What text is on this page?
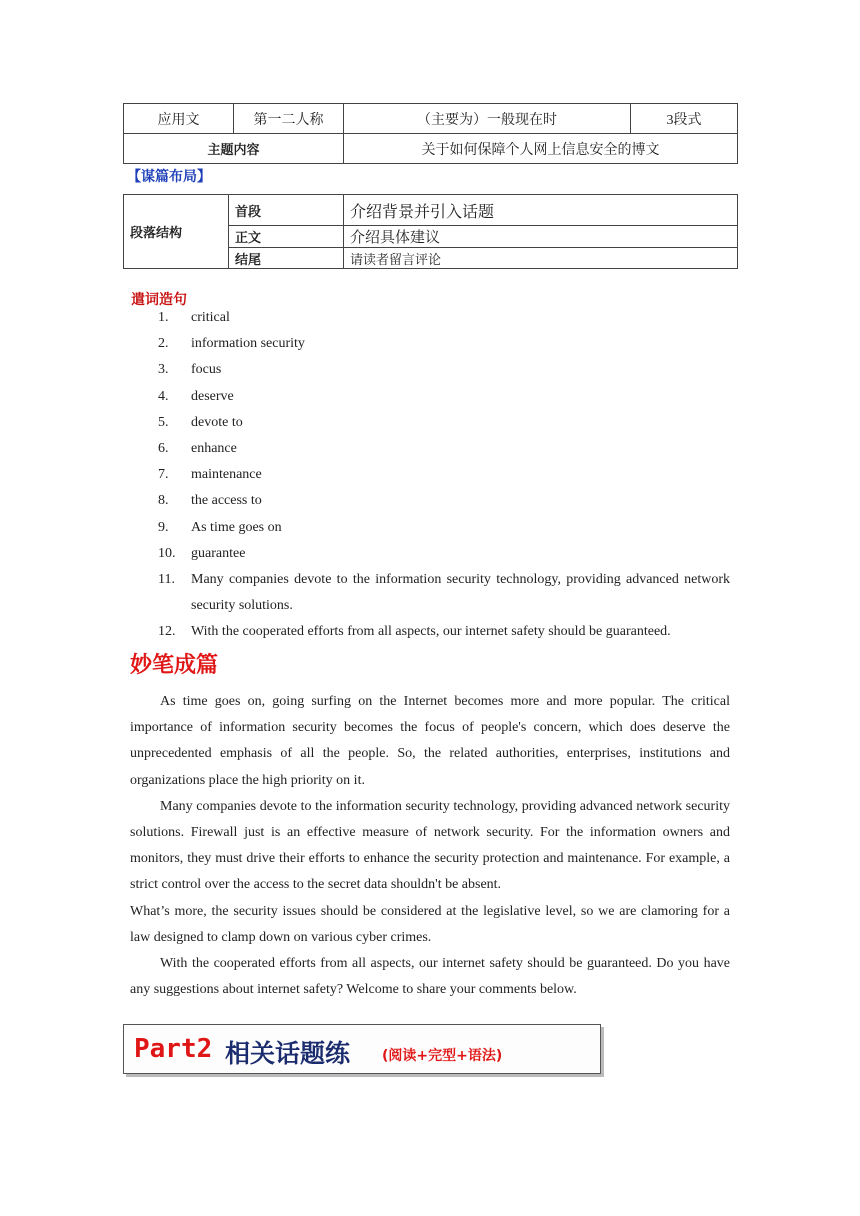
应用文	第一二人称	（主要为）一般现在时	3段式
主题内容		关于如何保障个人网上信息安全的博文	
【谋篇布局】
段落结构	首段	介绍背景并引入话题
	正文	介绍具体建议
	结尾	请读者留言评论
遣词造句
1. critical
2. information security
3. focus
4. deserve
5. devote to
6. enhance
7. maintenance
8. the access to
9. As time goes on
10. guarantee
11. Many companies devote to the information security technology, providing advanced network security solutions.
12. With the cooperated efforts from all aspects, our internet safety should be guaranteed.
妙笔成篇

As time goes on, going surfing on the Internet becomes more and more popular. The critical importance of information security becomes the focus of people's concern, which does deserve the unprecedented emphasis of all the people. So, the related authorities, enterprises, institutions and organizations place the high priority on it.

Many companies devote to the information security technology, providing advanced network security solutions. Firewall just is an effective measure of network security. For the information owners and monitors, they must drive their efforts to enhance the security protection and maintenance. For example, a strict control over the access to the secret data shouldn't be absent.

What’s more, the security issues should be considered at the legislative level, so we are clamoring for a law designed to clamp down on various cyber crimes.

With the cooperated efforts from all aspects, our internet safety should be guaranteed. Do you have any suggestions about internet safety? Welcome to share your comments below.

Part2 相关话题练 (阅读+完型+语法)
